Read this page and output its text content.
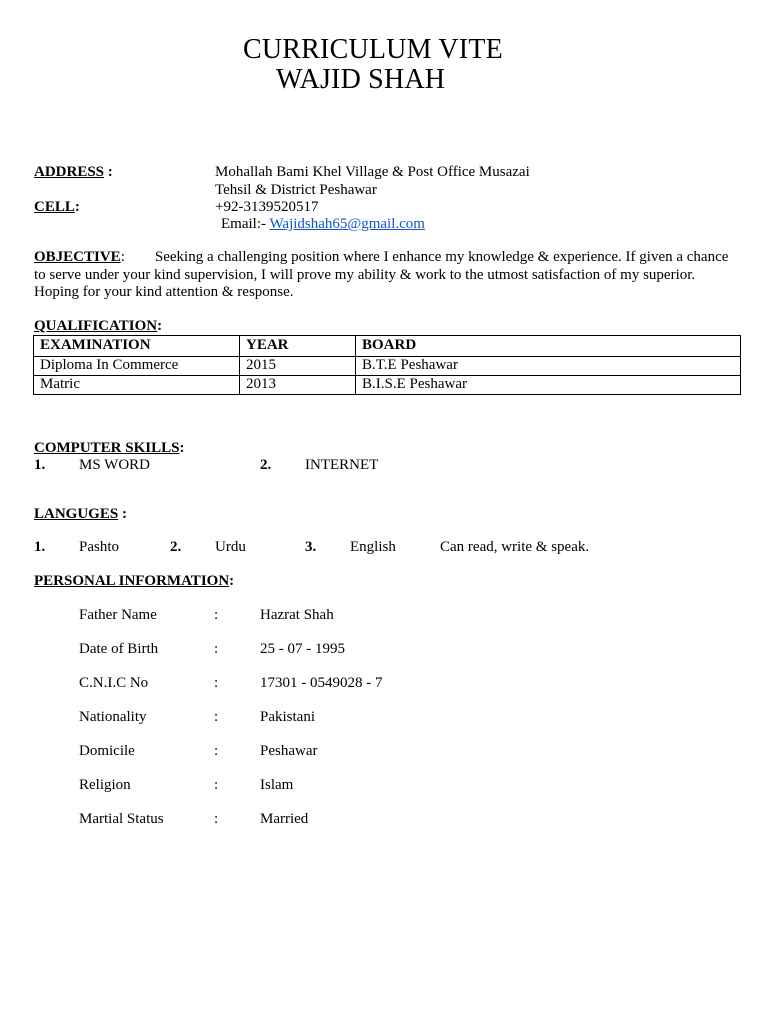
CURRICULUM VITE
WAJID SHAH
ADDRESS :	Mohallah Bami Khel Village & Post Office Musazai
Tehsil & District Peshawar
CELL:	+92-3139520517
Email:- Wajidshah65@gmail.com
OBJECTIVE: Seeking a challenging position where I enhance my knowledge & experience. If given a chance to serve under your kind supervision, I will prove my ability & work to the utmost satisfaction of my superior. Hoping for your kind attention & response.
QUALIFICATION:
EXAMINATION	YEAR	BOARD
Diploma In Commerce	2015	B.T.E Peshawar
Matric	2013	B.I.S.E Peshawar
COMPUTER SKILLS:
1. MS WORD	2. INTERNET
LANGUGES :
1. Pashto	2. Urdu	3. English	Can read, write & speak.
PERSONAL INFORMATION:
Father Name	:	Hazrat Shah
Date of Birth	:	25 - 07 - 1995
C.N.I.C No	:	17301 - 0549028 - 7
Nationality	:	Pakistani
Domicile	:	Peshawar
Religion	:	Islam
Martial Status	:	Married
